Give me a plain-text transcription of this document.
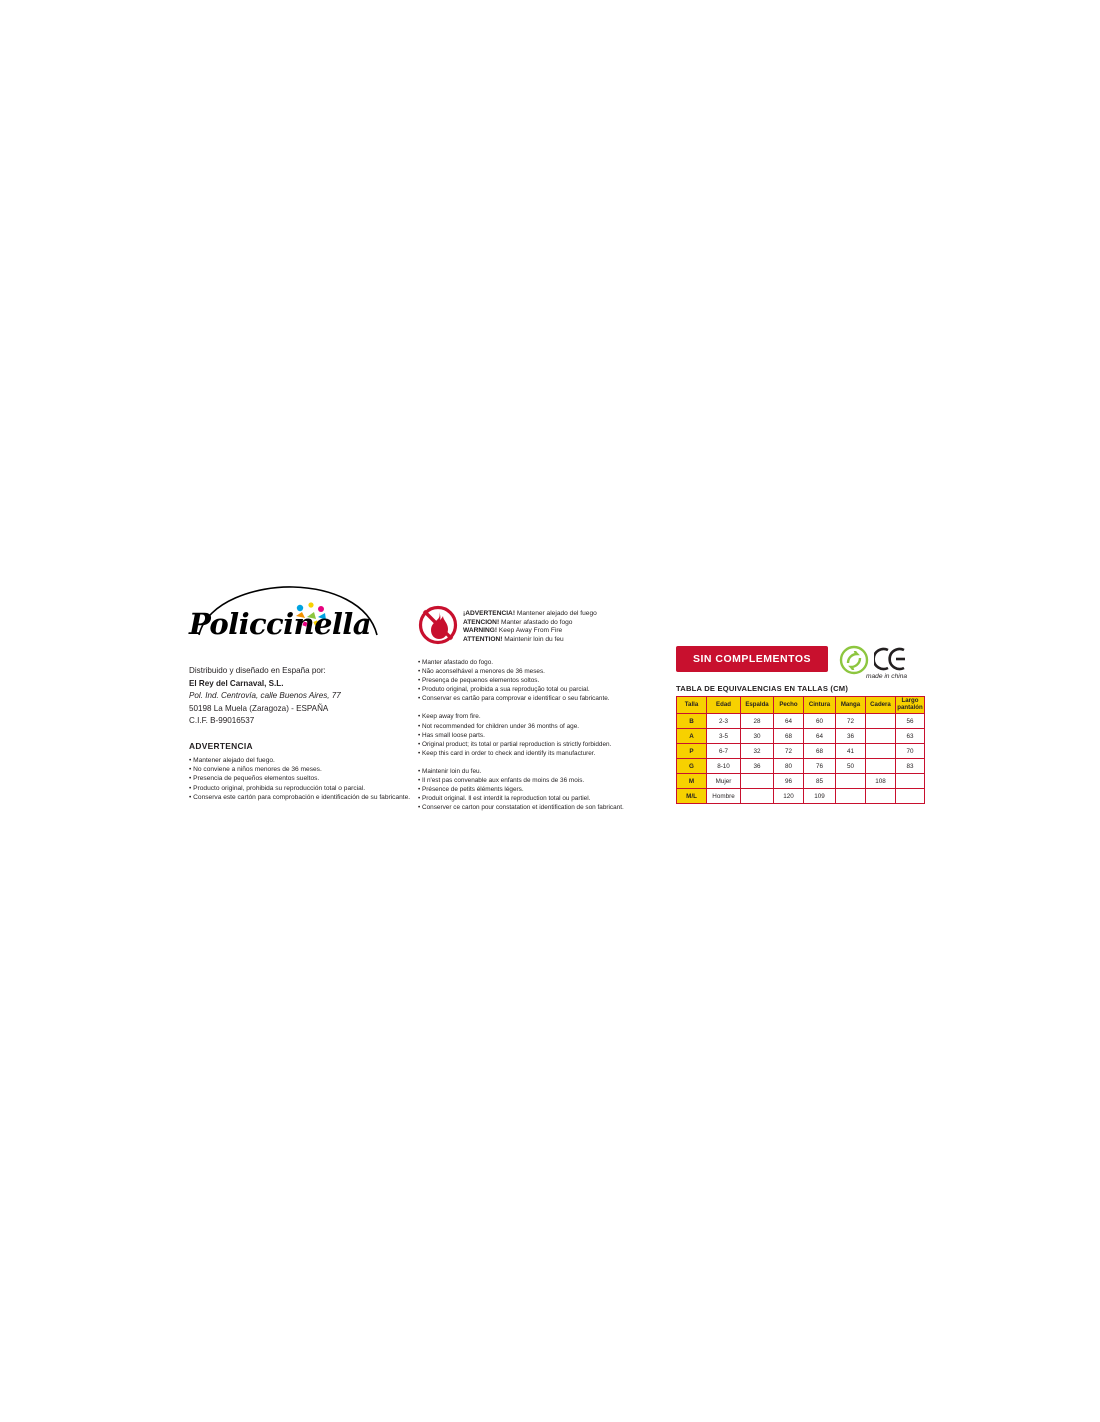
Policcinella
Distribuido y diseñado en España por:
El Rey del Carnaval, S.L.
Pol. Ind. Centrovía, calle Buenos Aires, 77
50198 La Muela (Zaragoza) - ESPAÑA
C.I.F. B-99016537
ADVERTENCIA
• Mantener alejado del fuego.
• No conviene a niños menores de 36 meses.
• Presencia de pequeños elementos sueltos.
• Producto original, prohibida su reproducción total o parcial.
• Conserva este cartón para comprobación e identificación de su fabricante.
¡ADVERTENCIA! Mantener alejado del fuego
ATENCION! Manter afastado do fogo
WARNING! Keep Away From Fire
ATTENTION! Maintenir loin du feu
• Manter afastado do fogo.
• Não aconselhável a menores de 36 meses.
• Presença de pequenos elementos soltos.
• Produto original, proibida a sua reprodução total ou parcial.
• Conservar es cartão para comprovar e identificar o seu fabricante.
• Keep away from fire.
• Not recommended for children under 36 months of age.
• Has small loose parts.
• Original product; its total or partial reproduction is strictly forbidden.
• Keep this card in order to check and identify its manufacturer.
• Maintenir loin du feu.
• Il n'est pas convenable aux enfants de moins de 36 mois.
• Présence de petits éléments légers.
• Produit original. Il est interdit la reproduction total ou partiel.
• Conserver ce carton pour constatation et identification de son fabricant.
SIN COMPLEMENTOS
made in china
TABLA DE EQUIVALENCIAS EN TALLAS (CM)
Talla	Edad	Espalda	Pecho	Cintura	Manga	Cadera	Largo pantalón
B	2-3	28	64	60	72		56
A	3-5	30	68	64	36		63
P	6-7	32	72	68	41		70
G	8-10	36	80	76	50		83
M	Mujer		96	85		108	
M/L	Hombre		120	109			
